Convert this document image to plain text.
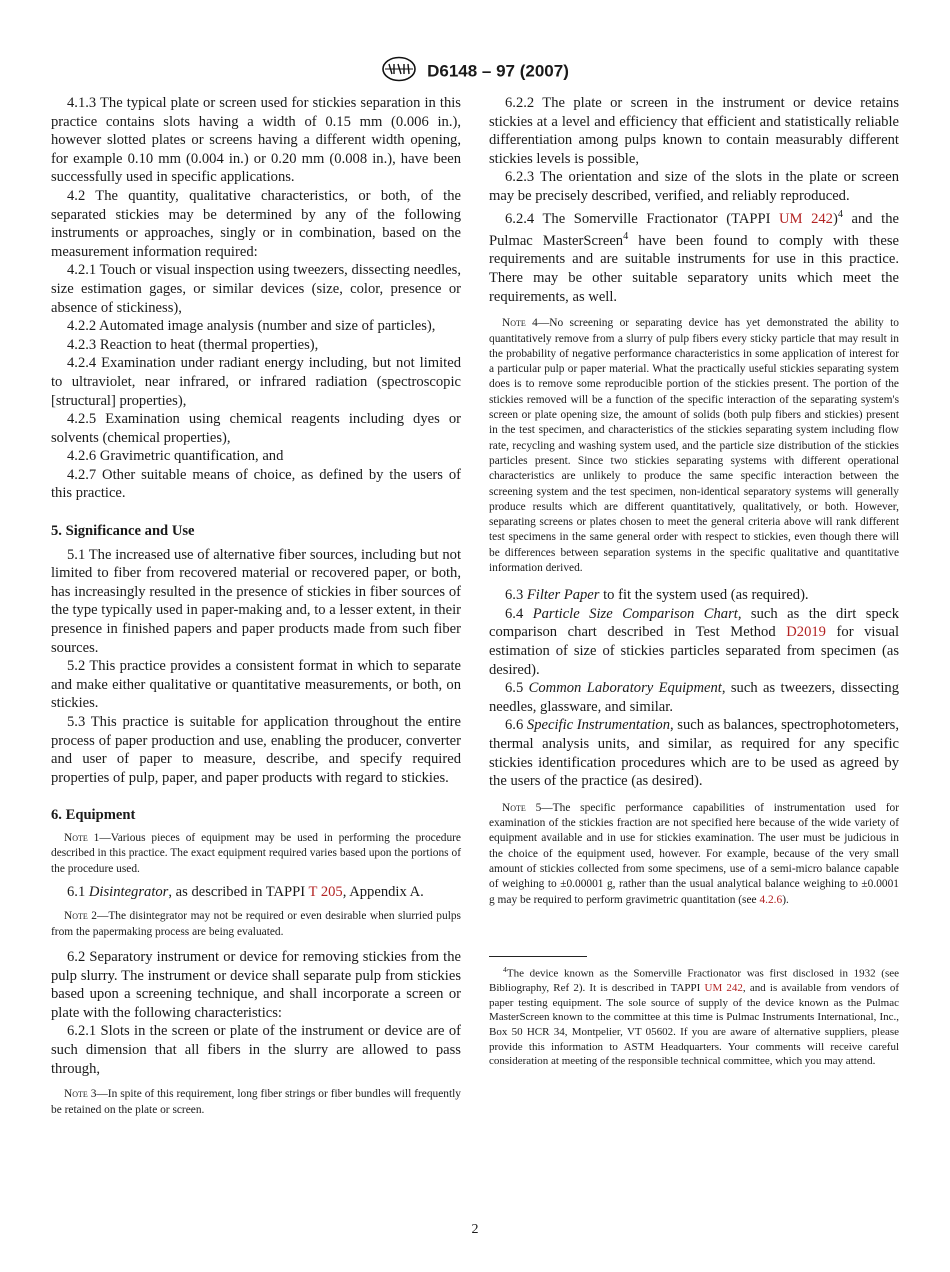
D6148 – 97 (2007)

4.1.3 The typical plate or screen used for stickies separation in this practice contains slots having a width of 0.15 mm (0.006 in.), however slotted plates or screens having a different width opening, for example 0.10 mm (0.004 in.) or 0.20 mm (0.008 in.), have been successfully used in specific applications.

4.2 The quantity, qualitative characteristics, or both, of the separated stickies may be determined by any of the following instruments or approaches, singly or in combination, based on the measurement information required:

4.2.1 Touch or visual inspection using tweezers, dissecting needles, size estimation gages, or similar devices (size, color, presence or absence of stickiness),

4.2.2 Automated image analysis (number and size of particles),

4.2.3 Reaction to heat (thermal properties),

4.2.4 Examination under radiant energy including, but not limited to ultraviolet, near infrared, or infrared radiation (spectroscopic [structural] properties),

4.2.5 Examination using chemical reagents including dyes or solvents (chemical properties),

4.2.6 Gravimetric quantification, and

4.2.7 Other suitable means of choice, as defined by the users of this practice.

5. Significance and Use

5.1 The increased use of alternative fiber sources, including but not limited to fiber from recovered material or recovered paper, or both, has increasingly resulted in the presence of stickies in fiber sources of the type typically used in paper-making and, to a lesser extent, in their presence in finished papers and paper products made from such fiber sources.

5.2 This practice provides a consistent format in which to separate and make either qualitative or quantitative measurements, or both, on stickies.

5.3 This practice is suitable for application throughout the entire process of paper production and use, enabling the producer, converter and user of paper to measure, describe, and specify required properties of pulp, paper, and paper products with regard to stickies.

6. Equipment

Note 1—Various pieces of equipment may be used in performing the procedure described in this practice. The exact equipment required varies based upon the portions of the procedure used.

6.1 Disintegrator, as described in TAPPI T 205, Appendix A.

Note 2—The disintegrator may not be required or even desirable when slurried pulps from the papermaking process are being evaluated.

6.2 Separatory instrument or device for removing stickies from the pulp slurry. The instrument or device shall separate pulp from stickies based upon a screening technique, and shall incorporate a screen or plate with the following characteristics:

6.2.1 Slots in the screen or plate of the instrument or device are of such dimension that all fibers in the slurry are allowed to pass through,

Note 3—In spite of this requirement, long fiber strings or fiber bundles will frequently be retained on the plate or screen.

6.2.2 The plate or screen in the instrument or device retains stickies at a level and efficiency that efficient and statistically reliable differentiation among pulps known to contain measurably different stickies levels is possible,

6.2.3 The orientation and size of the slots in the plate or screen may be precisely described, verified, and reliably reproduced.

6.2.4 The Somerville Fractionator (TAPPI UM 242)$^4$ and the Pulmac MasterScreen$^4$ have been found to comply with these requirements and are suitable instruments for use in this practice. There may be other suitable separatory units which meet the requirements, as well.

Note 4—No screening or separating device has yet demonstrated the ability to quantitatively remove from a slurry of pulp fibers every sticky particle that may result in the probability of negative performance characteristics in some application of interest for a particular pulp or paper material. What the practically useful stickies separating system does is to remove some reproducible portion of the stickies present. The portion of the stickies removed will be a function of the specific interaction of the separating system's screen or plate opening size, the amount of solids (both pulp fibers and stickies) present in the test specimen, and characteristics of the stickies separating system including flow rate, recycling and washing system used, and the particle size distribution of the stickies particles present. Since two stickies separating systems with different operational characteristics are unlikely to produce the same specific interaction between the screening system and the test specimen, non-identical separatory systems will generally produce results which are different quantitatively, qualitatively, or both. However, separating screens or plates chosen to meet the general criteria above will rank different test specimens in the same general order with respect to stickies, even though there will be differences between separation systems in the specific qualitative and quantitative information derived.

6.3 Filter Paper to fit the system used (as required).

6.4 Particle Size Comparison Chart, such as the dirt speck comparison chart described in Test Method D2019 for visual estimation of size of stickies particles separated from specimen (as desired).

6.5 Common Laboratory Equipment, such as tweezers, dissecting needles, glassware, and similar.

6.6 Specific Instrumentation, such as balances, spectrophotometers, thermal analysis units, and similar, as required for any specific stickies identification procedures which are to be used as agreed by the users of the practice (as desired).

Note 5—The specific performance capabilities of instrumentation used for examination of the stickies fraction are not specified here because of the wide variety of equipment available and in use for stickies examination. The user must be judicious in the choice of the equipment used, however. For example, because of the very small amount of stickies collected from some specimens, use of a semi-micro balance capable of weighing to ±0.00001 g, rather than the usual analytical balance weighing to ±0.0001 g may be required to perform gravimetric quantitation (see 4.2.6).

$^4$The device known as the Somerville Fractionator was first disclosed in 1932 (see Bibliography, Ref 2). It is described in TAPPI UM 242, and is available from vendors of paper testing equipment. The sole source of supply of the device known as the Pulmac MasterScreen known to the committee at this time is Pulmac Instruments International, Inc., Box 50 HCR 34, Montpelier, VT 05602. If you are aware of alternative suppliers, please provide this information to ASTM Headquarters. Your comments will receive careful consideration at meeting of the responsible technical committee, which you may attend.

2
